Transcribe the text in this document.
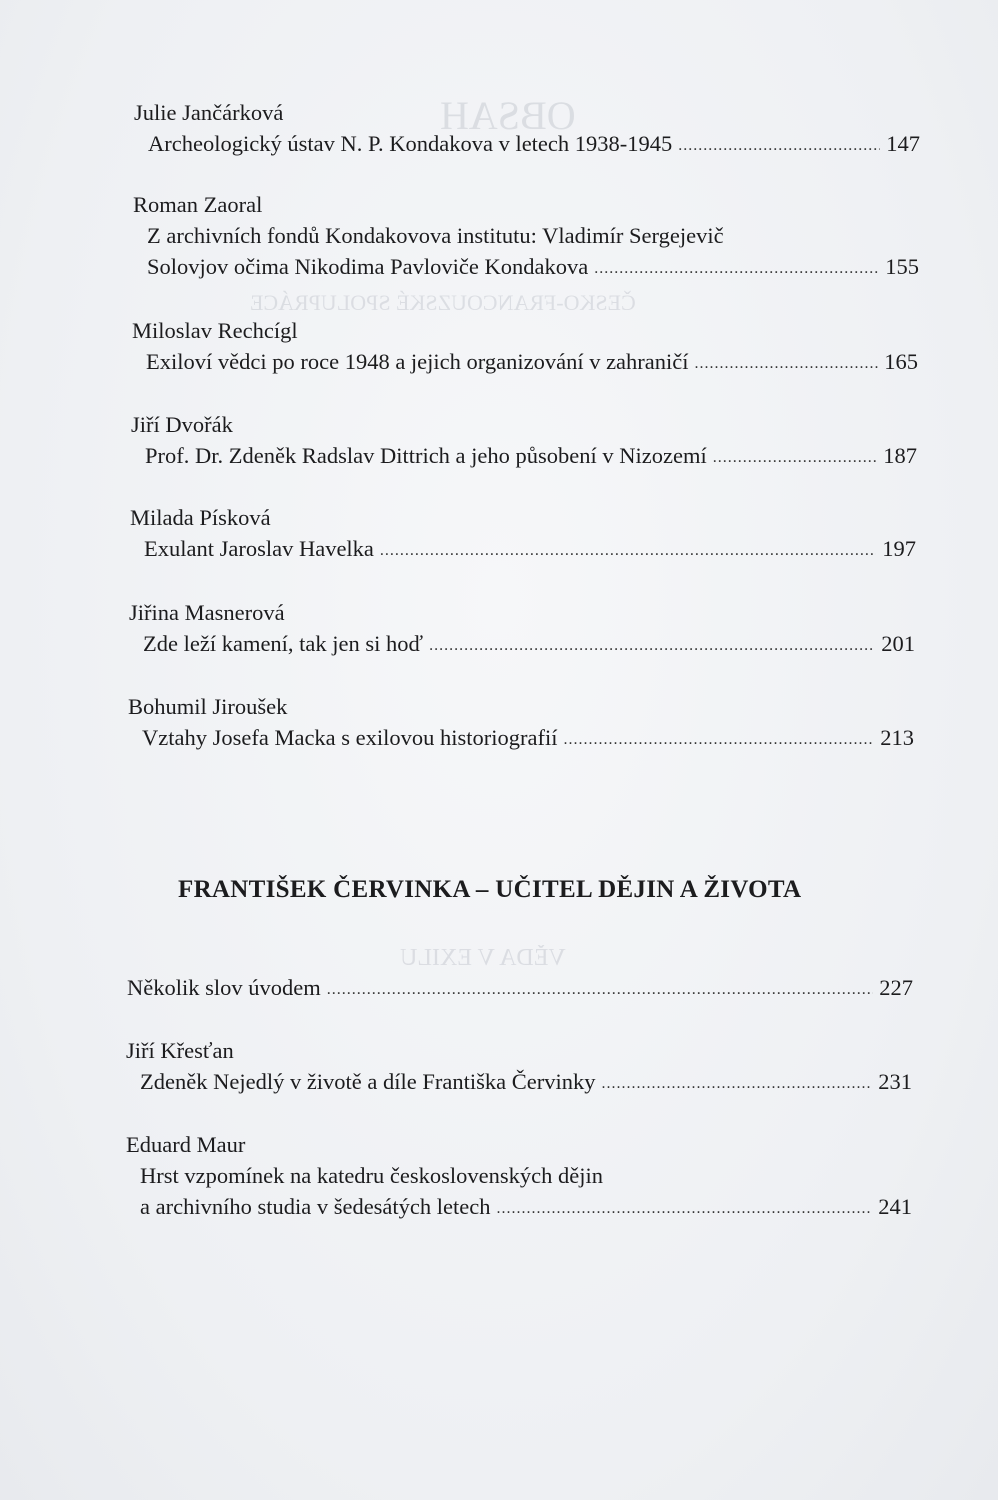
OBSAH
ČESKO-FRANCOUZSKÉ SPOLUPRÁCE
VĚDA V EXILU
Julie Jančárková
Archeologický ústav N. P. Kondakova v letech 1938-1945 . . .	147
Roman Zaoral
Z archivních fondů Kondakovova institutu: Vladimír Sergejevič
Solovjov očima Nikodima Pavloviče Kondakova . . .	155
Miloslav Rechcígl
Exiloví vědci po roce 1948 a jejich organizování v zahraničí . . .	165
Jiří Dvořák
Prof. Dr. Zdeněk Radslav Dittrich a jeho působení v Nizozemí . . .	187
Milada Písková
Exulant Jaroslav Havelka . . .	197
Jiřina Masnerová
Zde leží kamení, tak jen si hoď . . .	201
Bohumil Jiroušek
Vztahy Josefa Macka s exilovou historiografií . . .	213
FRANTIŠEK ČERVINKA – UČITEL DĚJIN A ŽIVOTA
Několik slov úvodem . . .	227
Jiří Křesťan
Zdeněk Nejedlý v životě a díle Františka Červinky . . .	231
Eduard Maur
Hrst vzpomínek na katedru československých dějin
a archivního studia v šedesátých letech . . .	241
